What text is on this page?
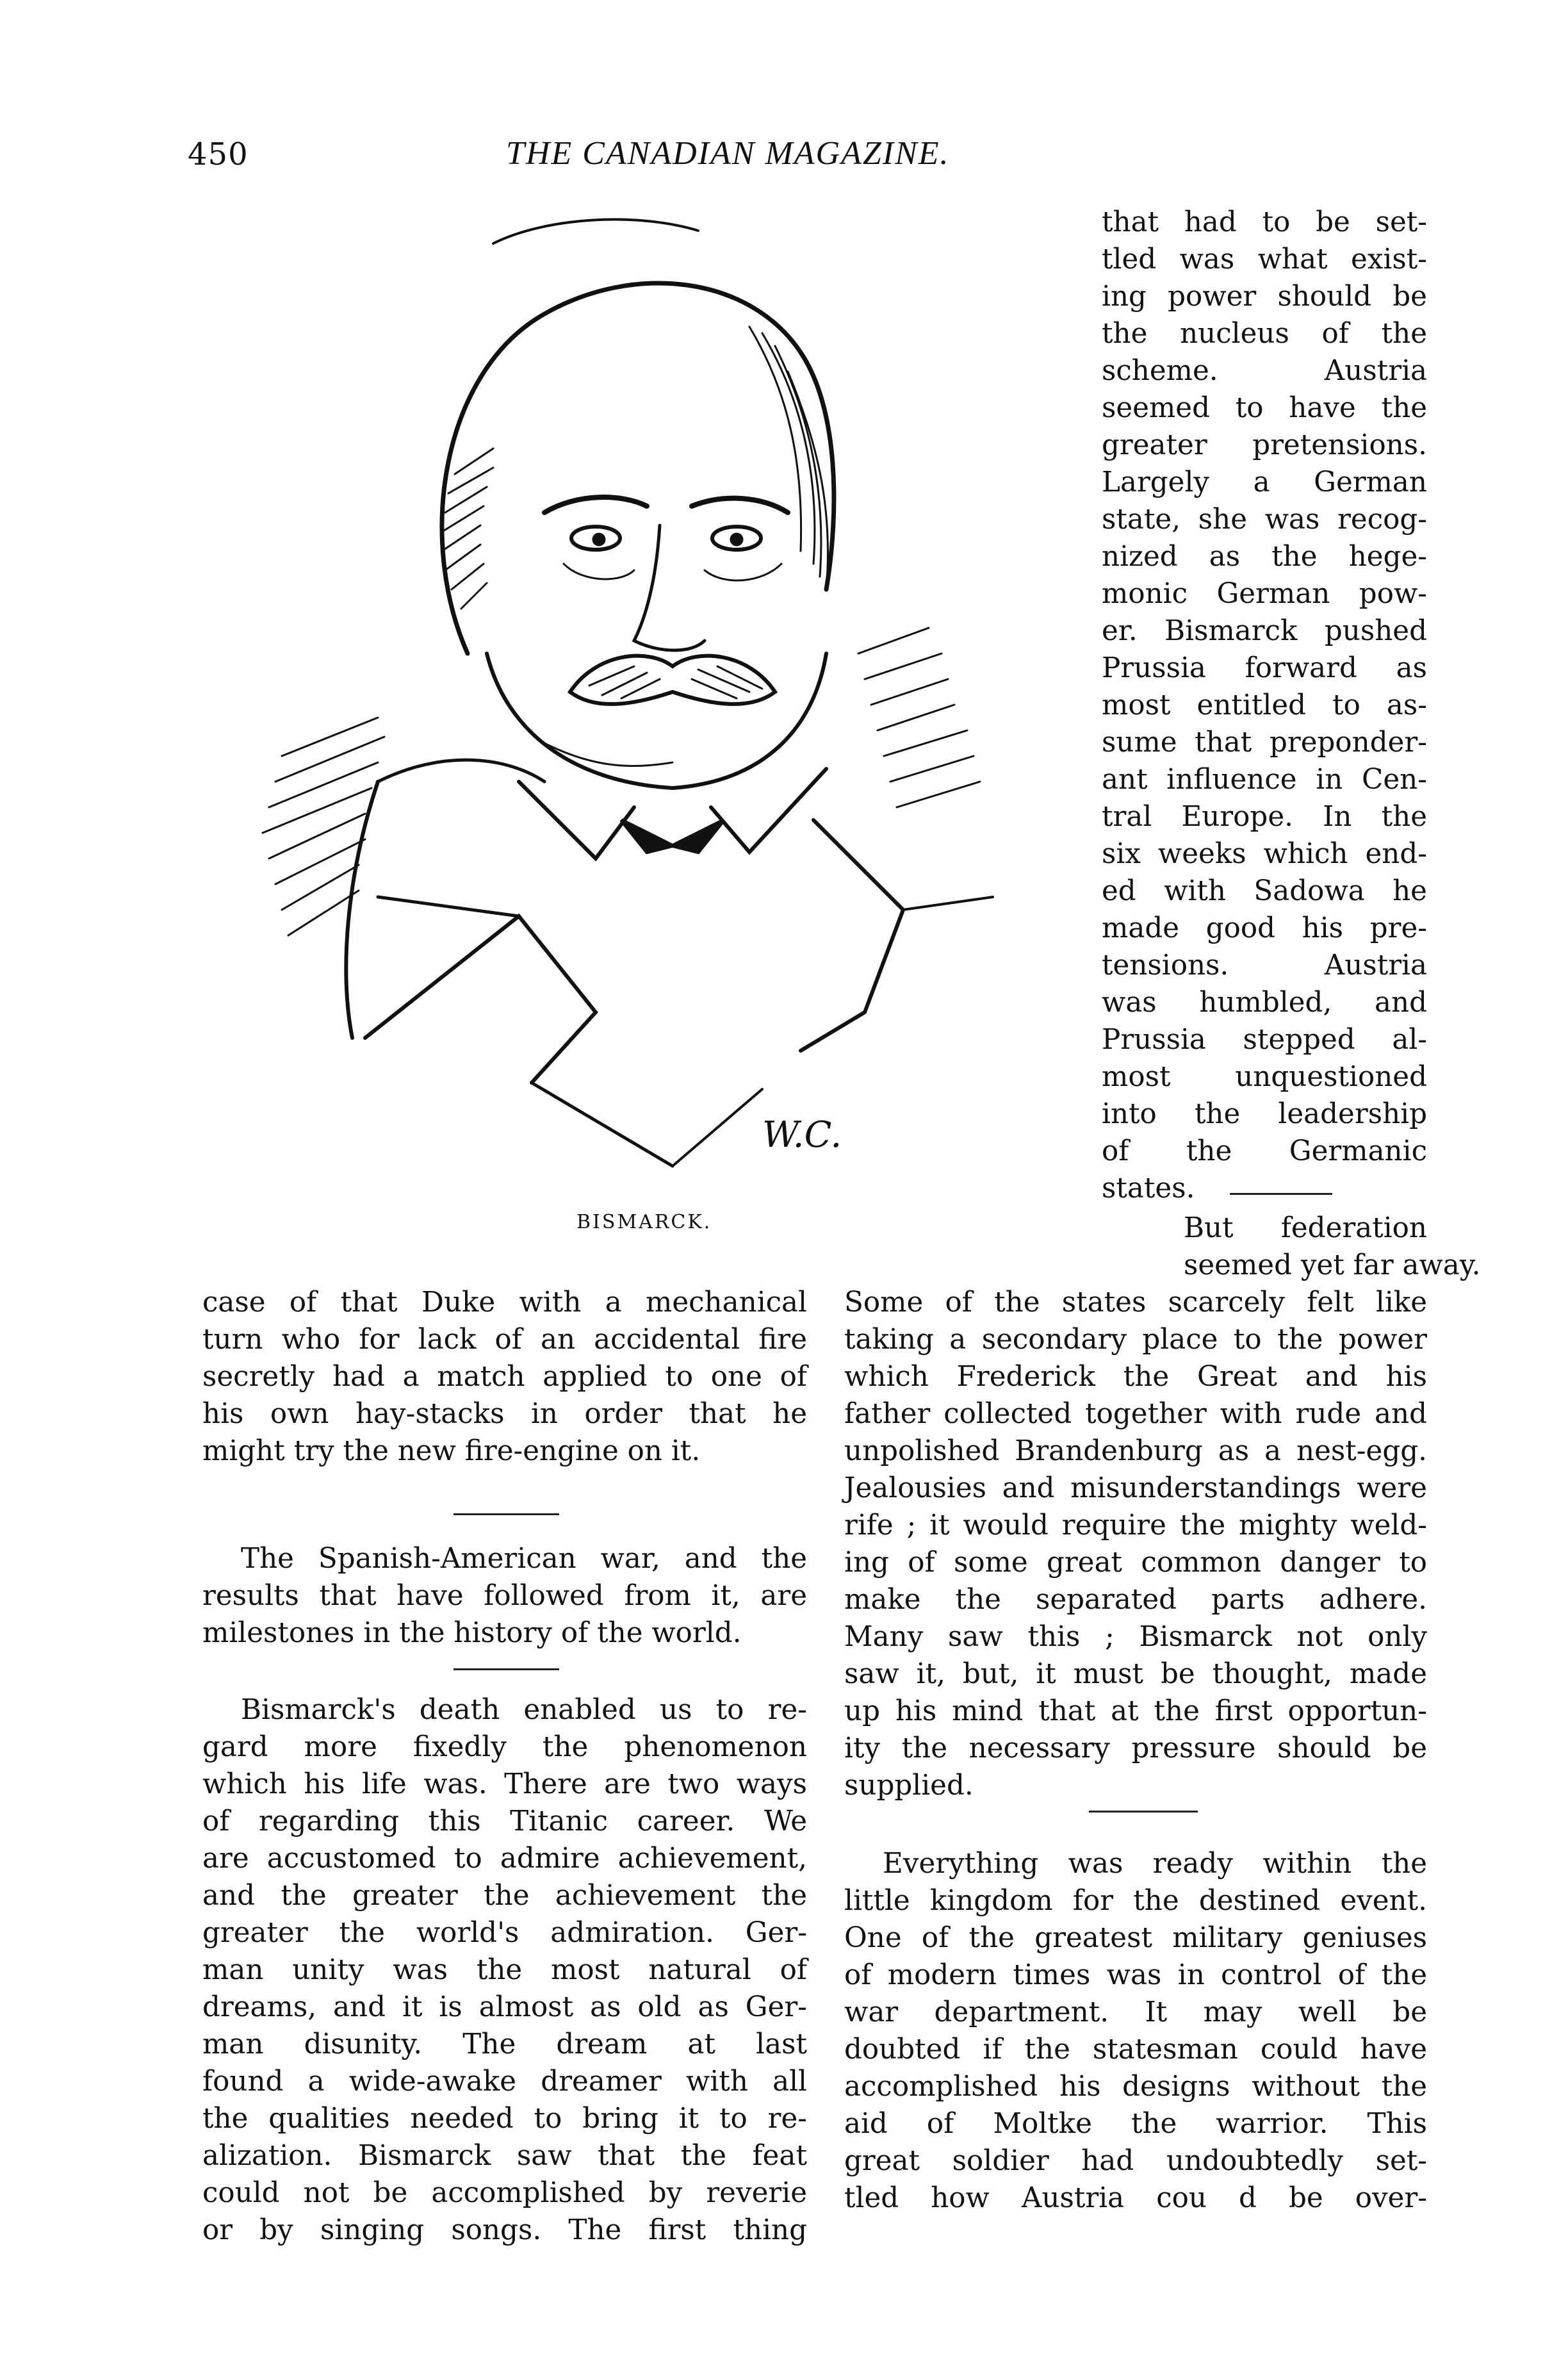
450	THE CANADIAN MAGAZINE.
W.C.
BISMARCK.
that had to be set-
tled was what exist-
ing power should be
the nucleus of the
scheme. Austria
seemed to have the
greater pretensions.
Largely a German
state, she was recog-
nized as the hege-
monic German pow-
er. Bismarck pushed
Prussia forward as
most entitled to as-
sume that preponder-
ant influence in Cen-
tral Europe. In the
six weeks which end-
ed with Sadowa he
made good his pre-
tensions. Austria
was humbled, and
Prussia stepped al-
most unquestioned
into the leadership
of the Germanic
states.
But federation
seemed yet far away.
Some of the states scarcely felt like
taking a secondary place to the power
which Frederick the Great and his
father collected together with rude and
unpolished Brandenburg as a nest-egg.
Jealousies and misunderstandings were
rife ; it would require the mighty weld-
ing of some great common danger to
make the separated parts adhere.
Many saw this ; Bismarck not only
saw it, but, it must be thought, made
up his mind that at the first opportun-
ity the necessary pressure should be
supplied.
Everything was ready within the
little kingdom for the destined event.
One of the greatest military geniuses
of modern times was in control of the
war department. It may well be
doubted if the statesman could have
accomplished his designs without the
aid of Moltke the warrior. This
great soldier had undoubtedly set-
tled how Austria cou d be over-
case of that Duke with a mechanical
turn who for lack of an accidental fire
secretly had a match applied to one of
his own hay-stacks in order that he
might try the new fire-engine on it.
The Spanish-American war, and the
results that have followed from it, are
milestones in the history of the world.
Bismarck's death enabled us to re-
gard more fixedly the phenomenon
which his life was. There are two ways
of regarding this Titanic career. We
are accustomed to admire achievement,
and the greater the achievement the
greater the world's admiration. Ger-
man unity was the most natural of
dreams, and it is almost as old as Ger-
man disunity. The dream at last
found a wide-awake dreamer with all
the qualities needed to bring it to re-
alization. Bismarck saw that the feat
could not be accomplished by reverie
or by singing songs. The first thing
